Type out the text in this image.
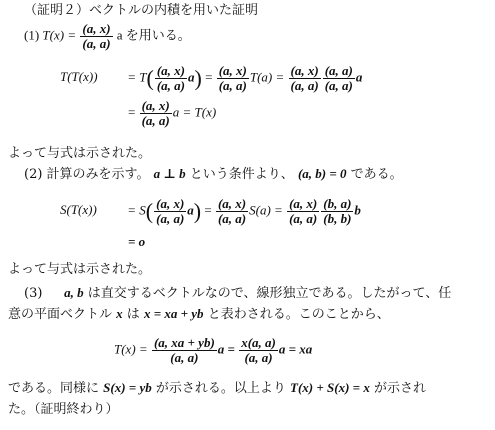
（証明２）ベクトルの内積を用いた証明
(1) $T(x) = \frac{(a, x)}{(a, a)}$ a を用いる。
$T(T(x)) = T( \frac{(a, x)}{(a, a)} a) = \frac{(a, x)}{(a, a)} T(a) = \frac{(a, x)}{(a, a)} \frac{(a, a)}{(a, a)}$ a
= $\frac{(a, x)}{(a, a)}$ a = T(x)
よって与式は示された。
(2) 計算のみを示す。 a ⊥ b という条件より、 (a, b) = 0 である。
$S(T(x)) = S( \frac{(a, x)}{(a, a)} a) = \frac{(a, x)}{(a, a)} S(a) = \frac{(a, x)}{(a, a)} \frac{(b, a)}{(b, b)}$ b
= o
よって与式は示された。
(3) a, b は直交するベクトルなので、線形独立である。したがって、任
意の平面ベクトル x は x = xa + yb と表わされる。このことから、
$T(x) = \frac{(a, xa + yb)}{(a, a)}$ $a = \frac{x(a, a)}{(a, a)}$ a = xa
である。同様に S(x) = yb が示される。以上より T(x) + S(x) = x が示され
た。（証明終わり）
